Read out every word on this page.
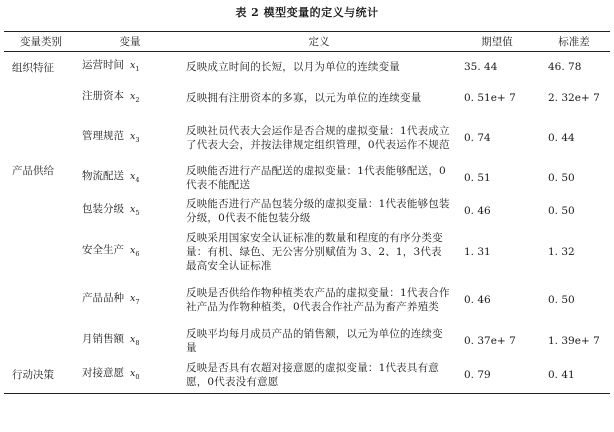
表 2 模型变量的定义与统计
变量类别	变量	定义	期望值	标准差
组织特征	运营时间 $x_1$	反映成立时间的长短，以月为单位的连续变量	35. 44	46. 78
	注册资本 $x_2$	反映拥有注册资本的多寡，以元为单位的连续变量	0. 51e+ 7	2. 32e+ 7
	管理规范 $x_3$	反映社员代表大会运作是否合规的虚拟变量：1代表成立了代表大会，并按法律规定组织管理，0代表运作不规范	0. 74	0. 44
产品供给	物流配送 $x_4$	反映能否进行产品配送的虚拟变量：1代表能够配送，0代表不能配送	0. 51	0. 50
	包装分级 $x_5$	反映能否进行产品包装分级的虚拟变量：1代表能够包装分级，0代表不能包装分级	0. 46	0. 50
	安全生产 $x_6$	反映采用国家安全认证标准的数量和程度的有序分类变量：有机、绿色、无公害分别赋值为 3、2、1，3代表最高安全认证标准	1. 31	1. 32
	产品品种 $x_7$	反映是否供给作物种植类农产品的虚拟变量：1代表合作社产品为作物种植类，0代表合作社产品为畜产养殖类	0. 46	0. 50
	月销售额 $x_8$	反映平均每月成员产品的销售额，以元为单位的连续变量	0. 37e+ 7	1. 39e+ 7
行动决策	对接意愿 $x_0$	反映是否具有农超对接意愿的虚拟变量：1代表具有意愿，0代表没有意愿	0. 79	0. 41
